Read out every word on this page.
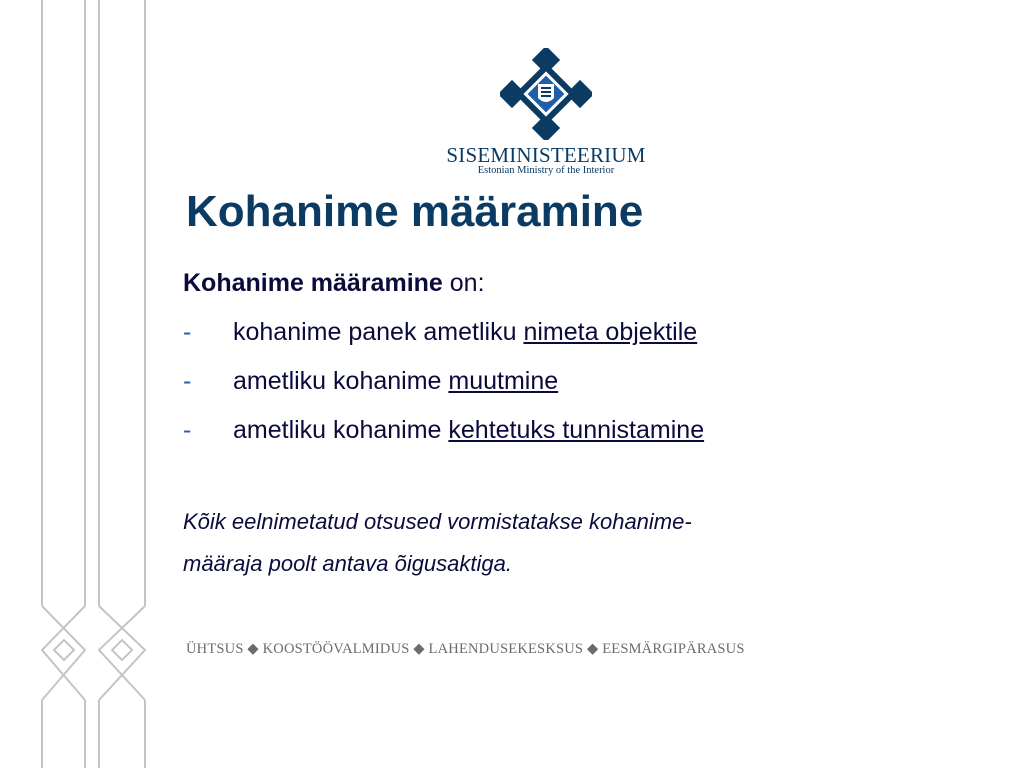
SISEMINISTEERIUM
Estonian Ministry of the Interior
Kohanime määramine
Kohanime määramine on:
- kohanime panek ametliku nimeta objektile
- ametliku kohanime muutmine
- ametliku kohanime kehtetuks tunnistamine
Kõik eelnimetatud otsused vormistatakse kohanime-
määraja poolt antava õigusaktiga.
ÜHTSUS ◆ KOOSTÖÖVALMIDUS ◆ LAHENDUSEKESKSUS ◆ EESMÄRGIPÄRASUS
